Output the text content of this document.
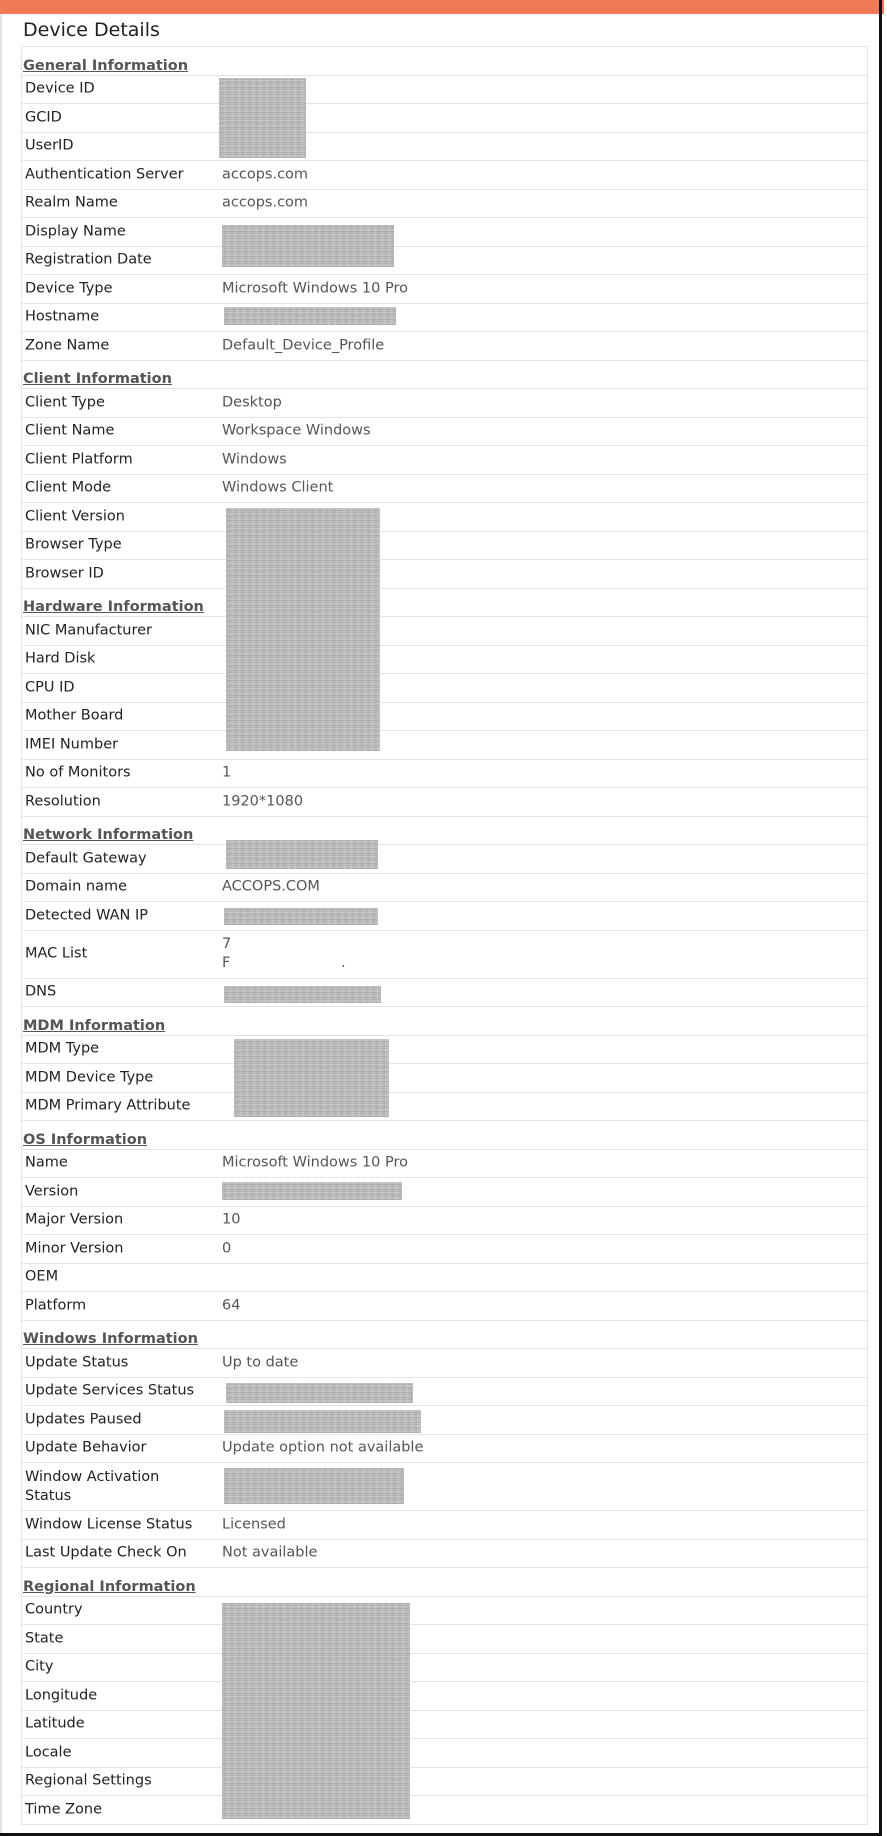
Device Details
General Information
Device ID
GCID
UserID
Authentication Server	accops.com
Realm Name	accops.com
Display Name
Registration Date
Device Type	Microsoft Windows 10 Pro
Hostname
Zone Name	Default_Device_Profile
Client Information
Client Type	Desktop
Client Name	Workspace Windows
Client Platform	Windows
Client Mode	Windows Client
Client Version
Browser Type
Browser ID
Hardware Information
NIC Manufacturer
Hard Disk
CPU ID
Mother Board
IMEI Number
No of Monitors	1
Resolution	1920*1080
Network Information
Default Gateway
Domain name	ACCOPS.COM
Detected WAN IP
MAC List
7
F                        .
DNS
MDM Information
MDM Type
MDM Device Type
MDM Primary Attribute
OS Information
Name	Microsoft Windows 10 Pro
Version
Major Version	10
Minor Version	0
OEM
Platform	64
Windows Information
Update Status	Up to date
Update Services Status
Updates Paused
Update Behavior	Update option not available
Window Activation Status
Window License Status	Licensed
Last Update Check On	Not available
Regional Information
Country
State
City
Longitude
Latitude
Locale
Regional Settings
Time Zone
